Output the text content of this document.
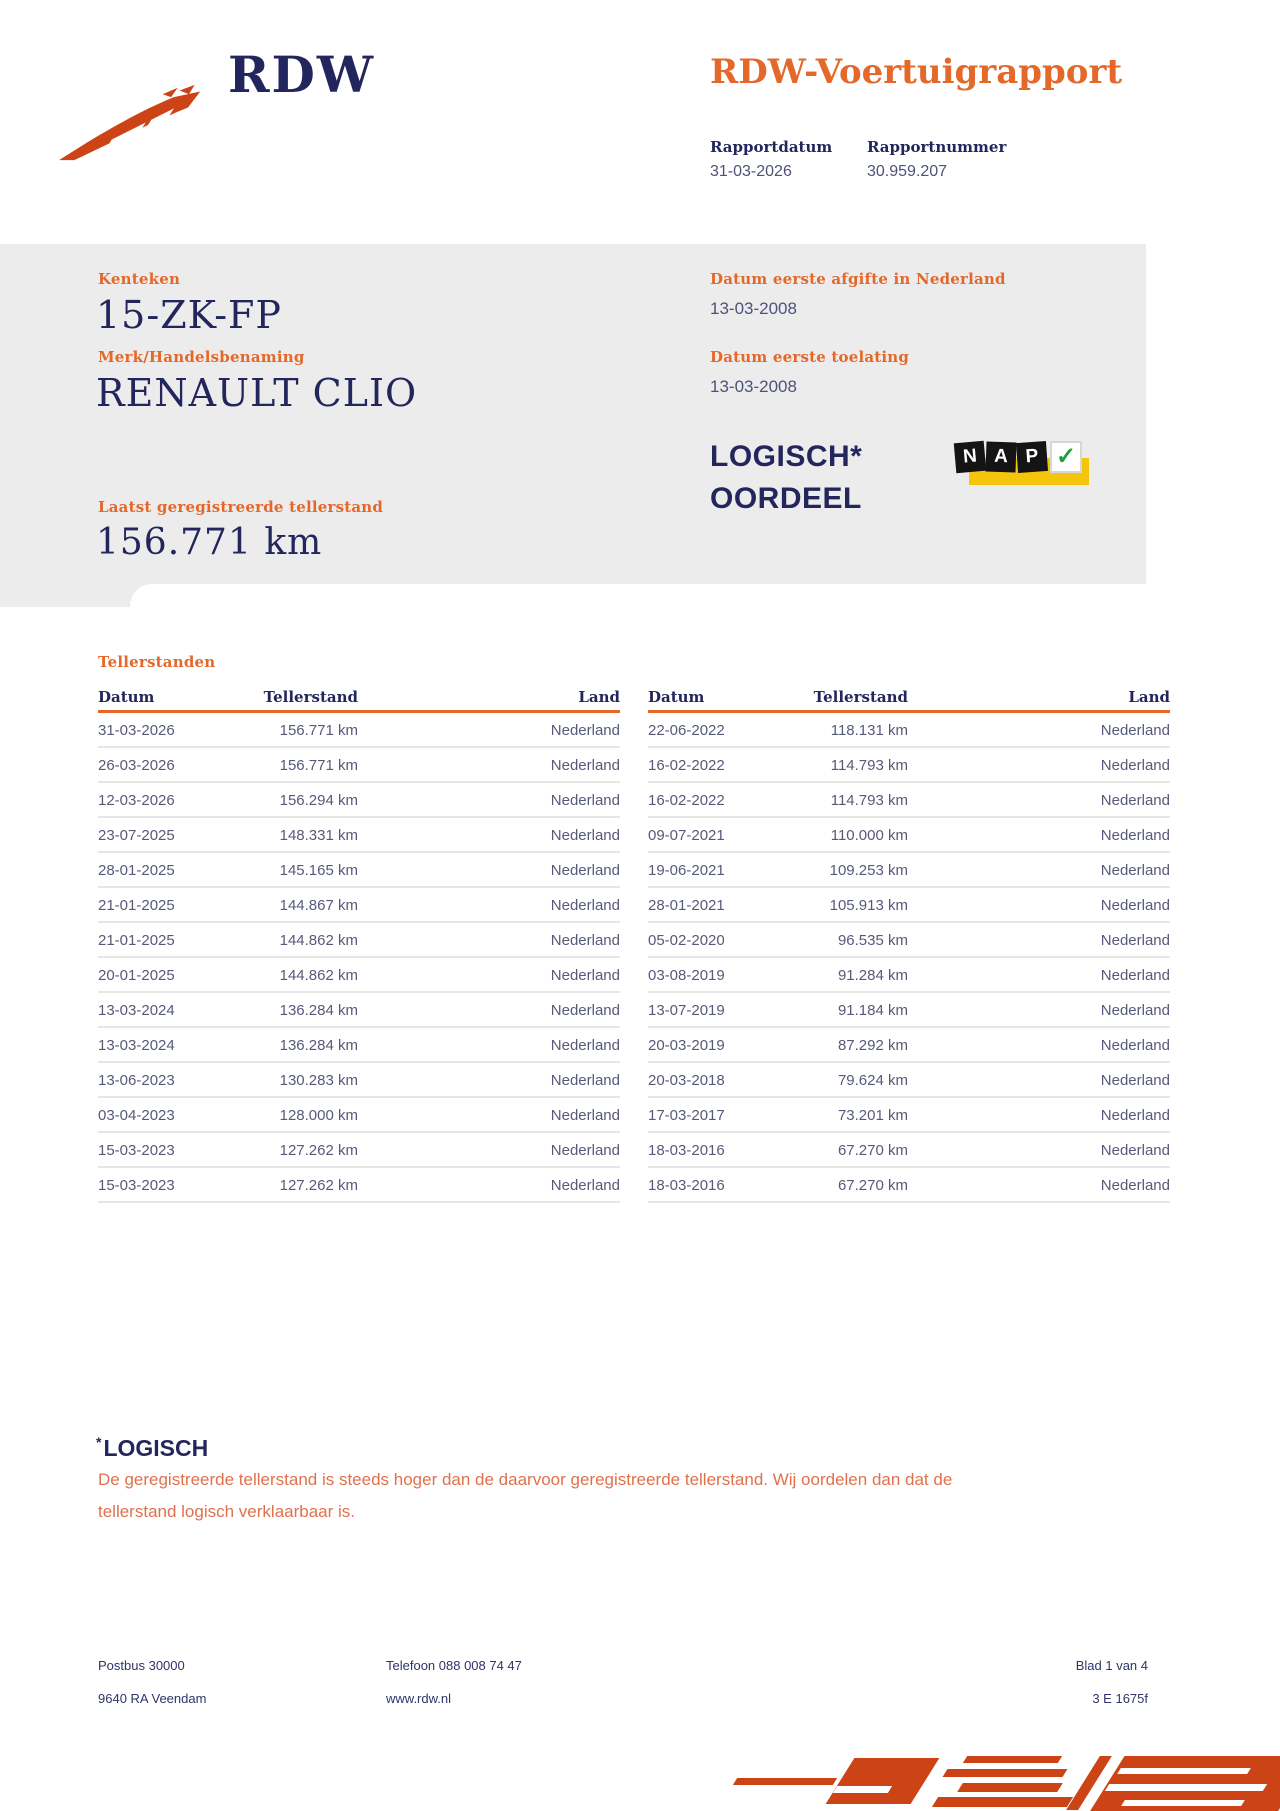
RDW	RDW-Voertuigrapport
Rapportdatum
31-03-2026
Rapportnummer
30.959.207
Kenteken
15-ZK-FP
Merk/Handelsbenaming
RENAULT CLIO
Laatst geregistreerde tellerstand
156.771 km
Datum eerste afgifte in Nederland
13-03-2008
Datum eerste toelating
13-03-2008
LOGISCH*
OORDEEL
N A P ✓
Tellerstanden
Datum	Tellerstand	Land
31-03-2026	156.771 km	Nederland
26-03-2026	156.771 km	Nederland
12-03-2026	156.294 km	Nederland
23-07-2025	148.331 km	Nederland
28-01-2025	145.165 km	Nederland
21-01-2025	144.867 km	Nederland
21-01-2025	144.862 km	Nederland
20-01-2025	144.862 km	Nederland
13-03-2024	136.284 km	Nederland
13-03-2024	136.284 km	Nederland
13-06-2023	130.283 km	Nederland
03-04-2023	128.000 km	Nederland
15-03-2023	127.262 km	Nederland
15-03-2023	127.262 km	Nederland
Datum	Tellerstand	Land
22-06-2022	118.131 km	Nederland
16-02-2022	114.793 km	Nederland
16-02-2022	114.793 km	Nederland
09-07-2021	110.000 km	Nederland
19-06-2021	109.253 km	Nederland
28-01-2021	105.913 km	Nederland
05-02-2020	96.535 km	Nederland
03-08-2019	91.284 km	Nederland
13-07-2019	91.184 km	Nederland
20-03-2019	87.292 km	Nederland
20-03-2018	79.624 km	Nederland
17-03-2017	73.201 km	Nederland
18-03-2016	67.270 km	Nederland
18-03-2016	67.270 km	Nederland
*LOGISCH
De geregistreerde tellerstand is steeds hoger dan de daarvoor geregistreerde tellerstand. Wij oordelen dan dat de tellerstand logisch verklaarbaar is.
Postbus 30000
9640 RA Veendam
Telefoon 088 008 74 47
www.rdw.nl
Blad 1 van 4
3 E 1675f
